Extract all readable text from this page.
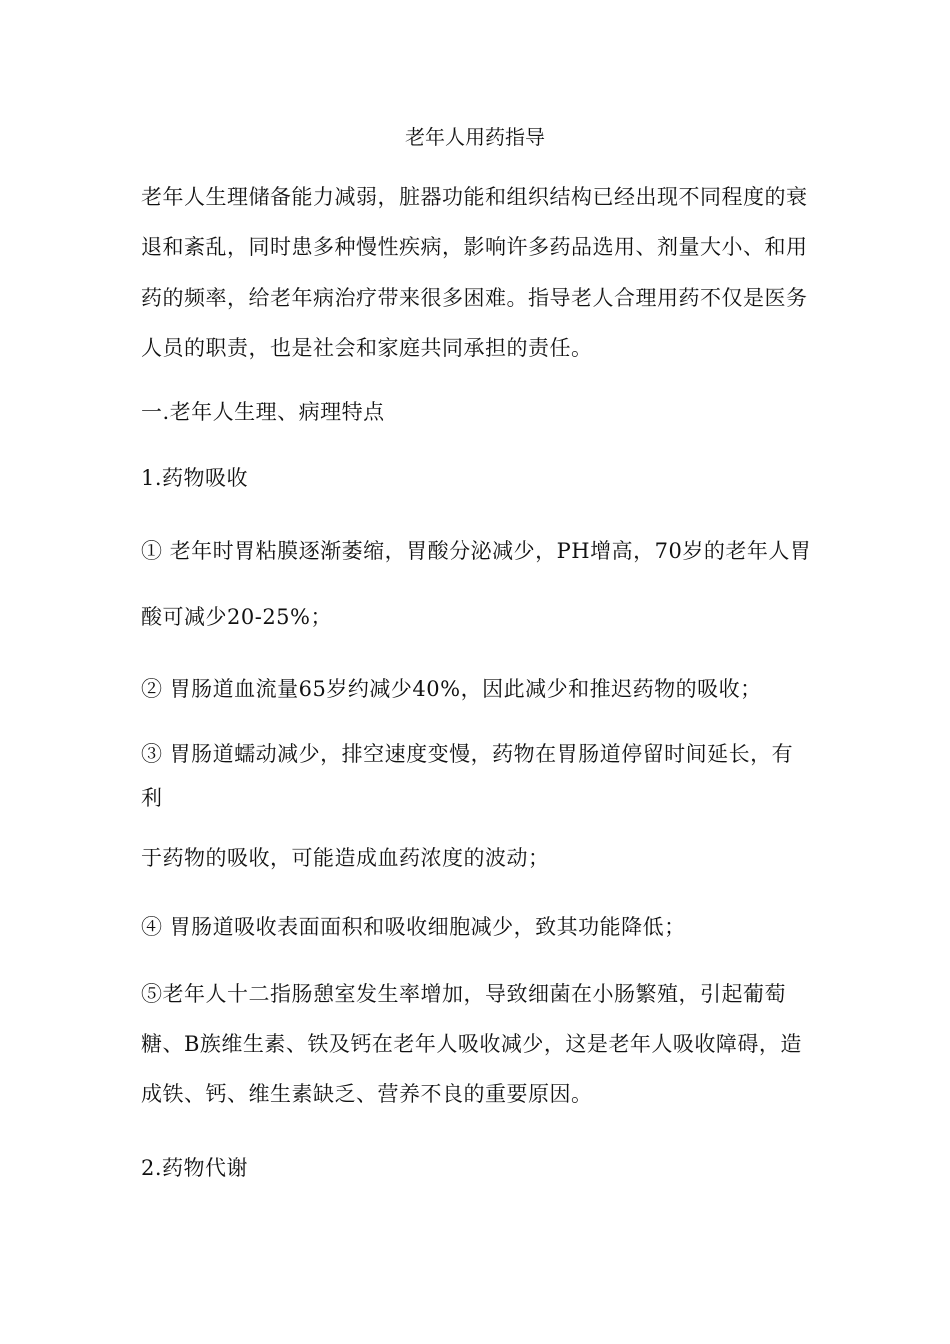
老年人用药指导
老年人生理储备能力减弱，脏器功能和组织结构已经出现不同程度的衰
退和紊乱，同时患多种慢性疾病，影响许多药品选用、剂量大小、和用
药的频率，给老年病治疗带来很多困难。指导老人合理用药不仅是医务
人员的职责，也是社会和家庭共同承担的责任。
一.老年人生理、病理特点
1.药物吸收
① 老年时胃粘膜逐渐萎缩，胃酸分泌减少，PH增高，70岁的老年人胃
酸可减少20-25%；
② 胃肠道血流量65岁约减少40%，因此减少和推迟药物的吸收；
③ 胃肠道蠕动减少，排空速度变慢，药物在胃肠道停留时间延长，有
利
于药物的吸收，可能造成血药浓度的波动；
④ 胃肠道吸收表面面积和吸收细胞减少，致其功能降低；
⑤老年人十二指肠憩室发生率增加，导致细菌在小肠繁殖，引起葡萄
糖、B族维生素、铁及钙在老年人吸收减少，这是老年人吸收障碍，造
成铁、钙、维生素缺乏、营养不良的重要原因。
2.药物代谢
